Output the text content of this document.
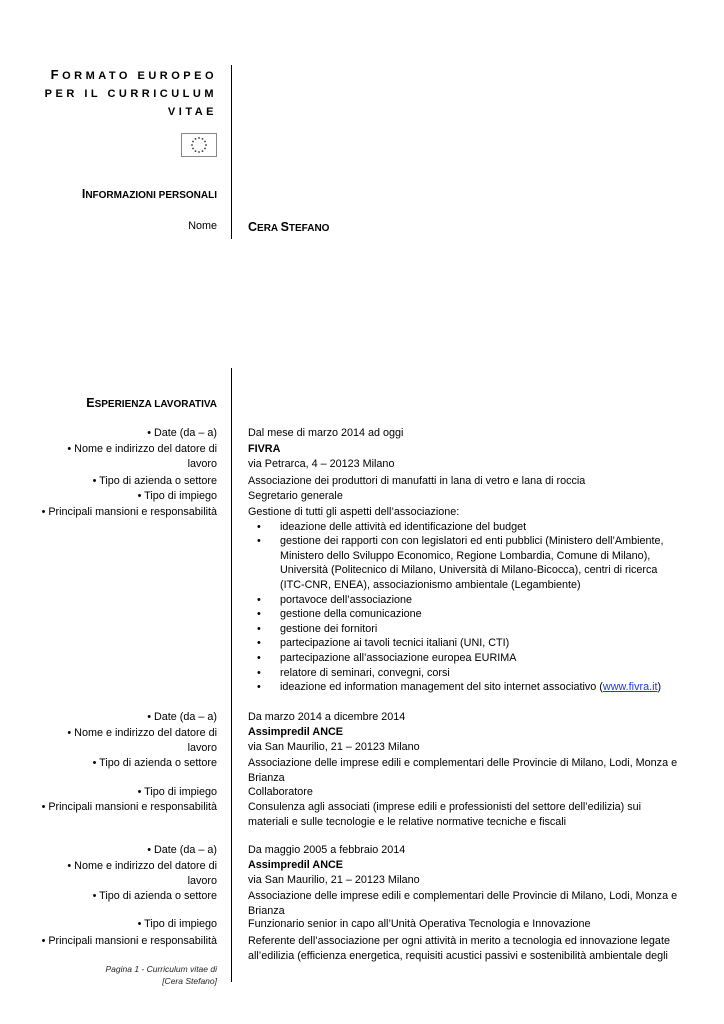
FORMATO EUROPEO
PER IL CURRICULUM
VITAE
INFORMAZIONI PERSONALI
Nome CERA STEFANO
ESPERIENZA LAVORATIVA
• Date (da – a)
• Nome e indirizzo del datore di
lavoro
• Tipo di azienda o settore
• Tipo di impiego
• Principali mansioni e responsabilità
Dal mese di marzo 2014 ad oggi
FIVRA
via Petrarca, 4 – 20123 Milano
Associazione dei produttori di manufatti in lana di vetro e lana di roccia
Segretario generale
Gestione di tutti gli aspetti dell’associazione:
• ideazione delle attività ed identificazione del budget
• gestione dei rapporti con con legislatori ed enti pubblici (Ministero dell’Ambiente, Ministero dello Sviluppo Economico, Regione Lombardia, Comune di Milano), Università (Politecnico di Milano, Università di Milano-Bicocca), centri di ricerca (ITC-CNR, ENEA), associazionismo ambientale (Legambiente)
• portavoce dell’associazione
• gestione della comunicazione
• gestione dei fornitori
• partecipazione ai tavoli tecnici italiani (UNI, CTI)
• partecipazione all’associazione europea EURIMA
• relatore di seminari, convegni, corsi
• ideazione ed information management del sito internet associativo (www.fivra.it)
• Date (da – a)
• Nome e indirizzo del datore di
lavoro
• Tipo di azienda o settore
• Tipo di impiego
• Principali mansioni e responsabilità
Da marzo 2014 a dicembre 2014
Assimpredil ANCE
via San Maurilio, 21 – 20123 Milano
Associazione delle imprese edili e complementari delle Provincie di Milano, Lodi, Monza e Brianza
Collaboratore
Consulenza agli associati (imprese edili e professionisti del settore dell’edilizia) sui materiali e sulle tecnologie e le relative normative tecniche e fiscali
• Date (da – a)
• Nome e indirizzo del datore di
lavoro
• Tipo di azienda o settore
• Tipo di impiego
• Principali mansioni e responsabilità
Da maggio 2005 a febbraio 2014
Assimpredil ANCE
via San Maurilio, 21 – 20123 Milano
Associazione delle imprese edili e complementari delle Provincie di Milano, Lodi, Monza e Brianza
Funzionario senior in capo all’Unità Operativa Tecnologia e Innovazione
Referente dell’associazione per ogni attività in merito a tecnologia ed innovazione legate all’edilizia (efficienza energetica, requisiti acustici passivi e sostenibilità ambientale degli
Pagina 1 - Curriculum vitae di
[Cera Stefano]
